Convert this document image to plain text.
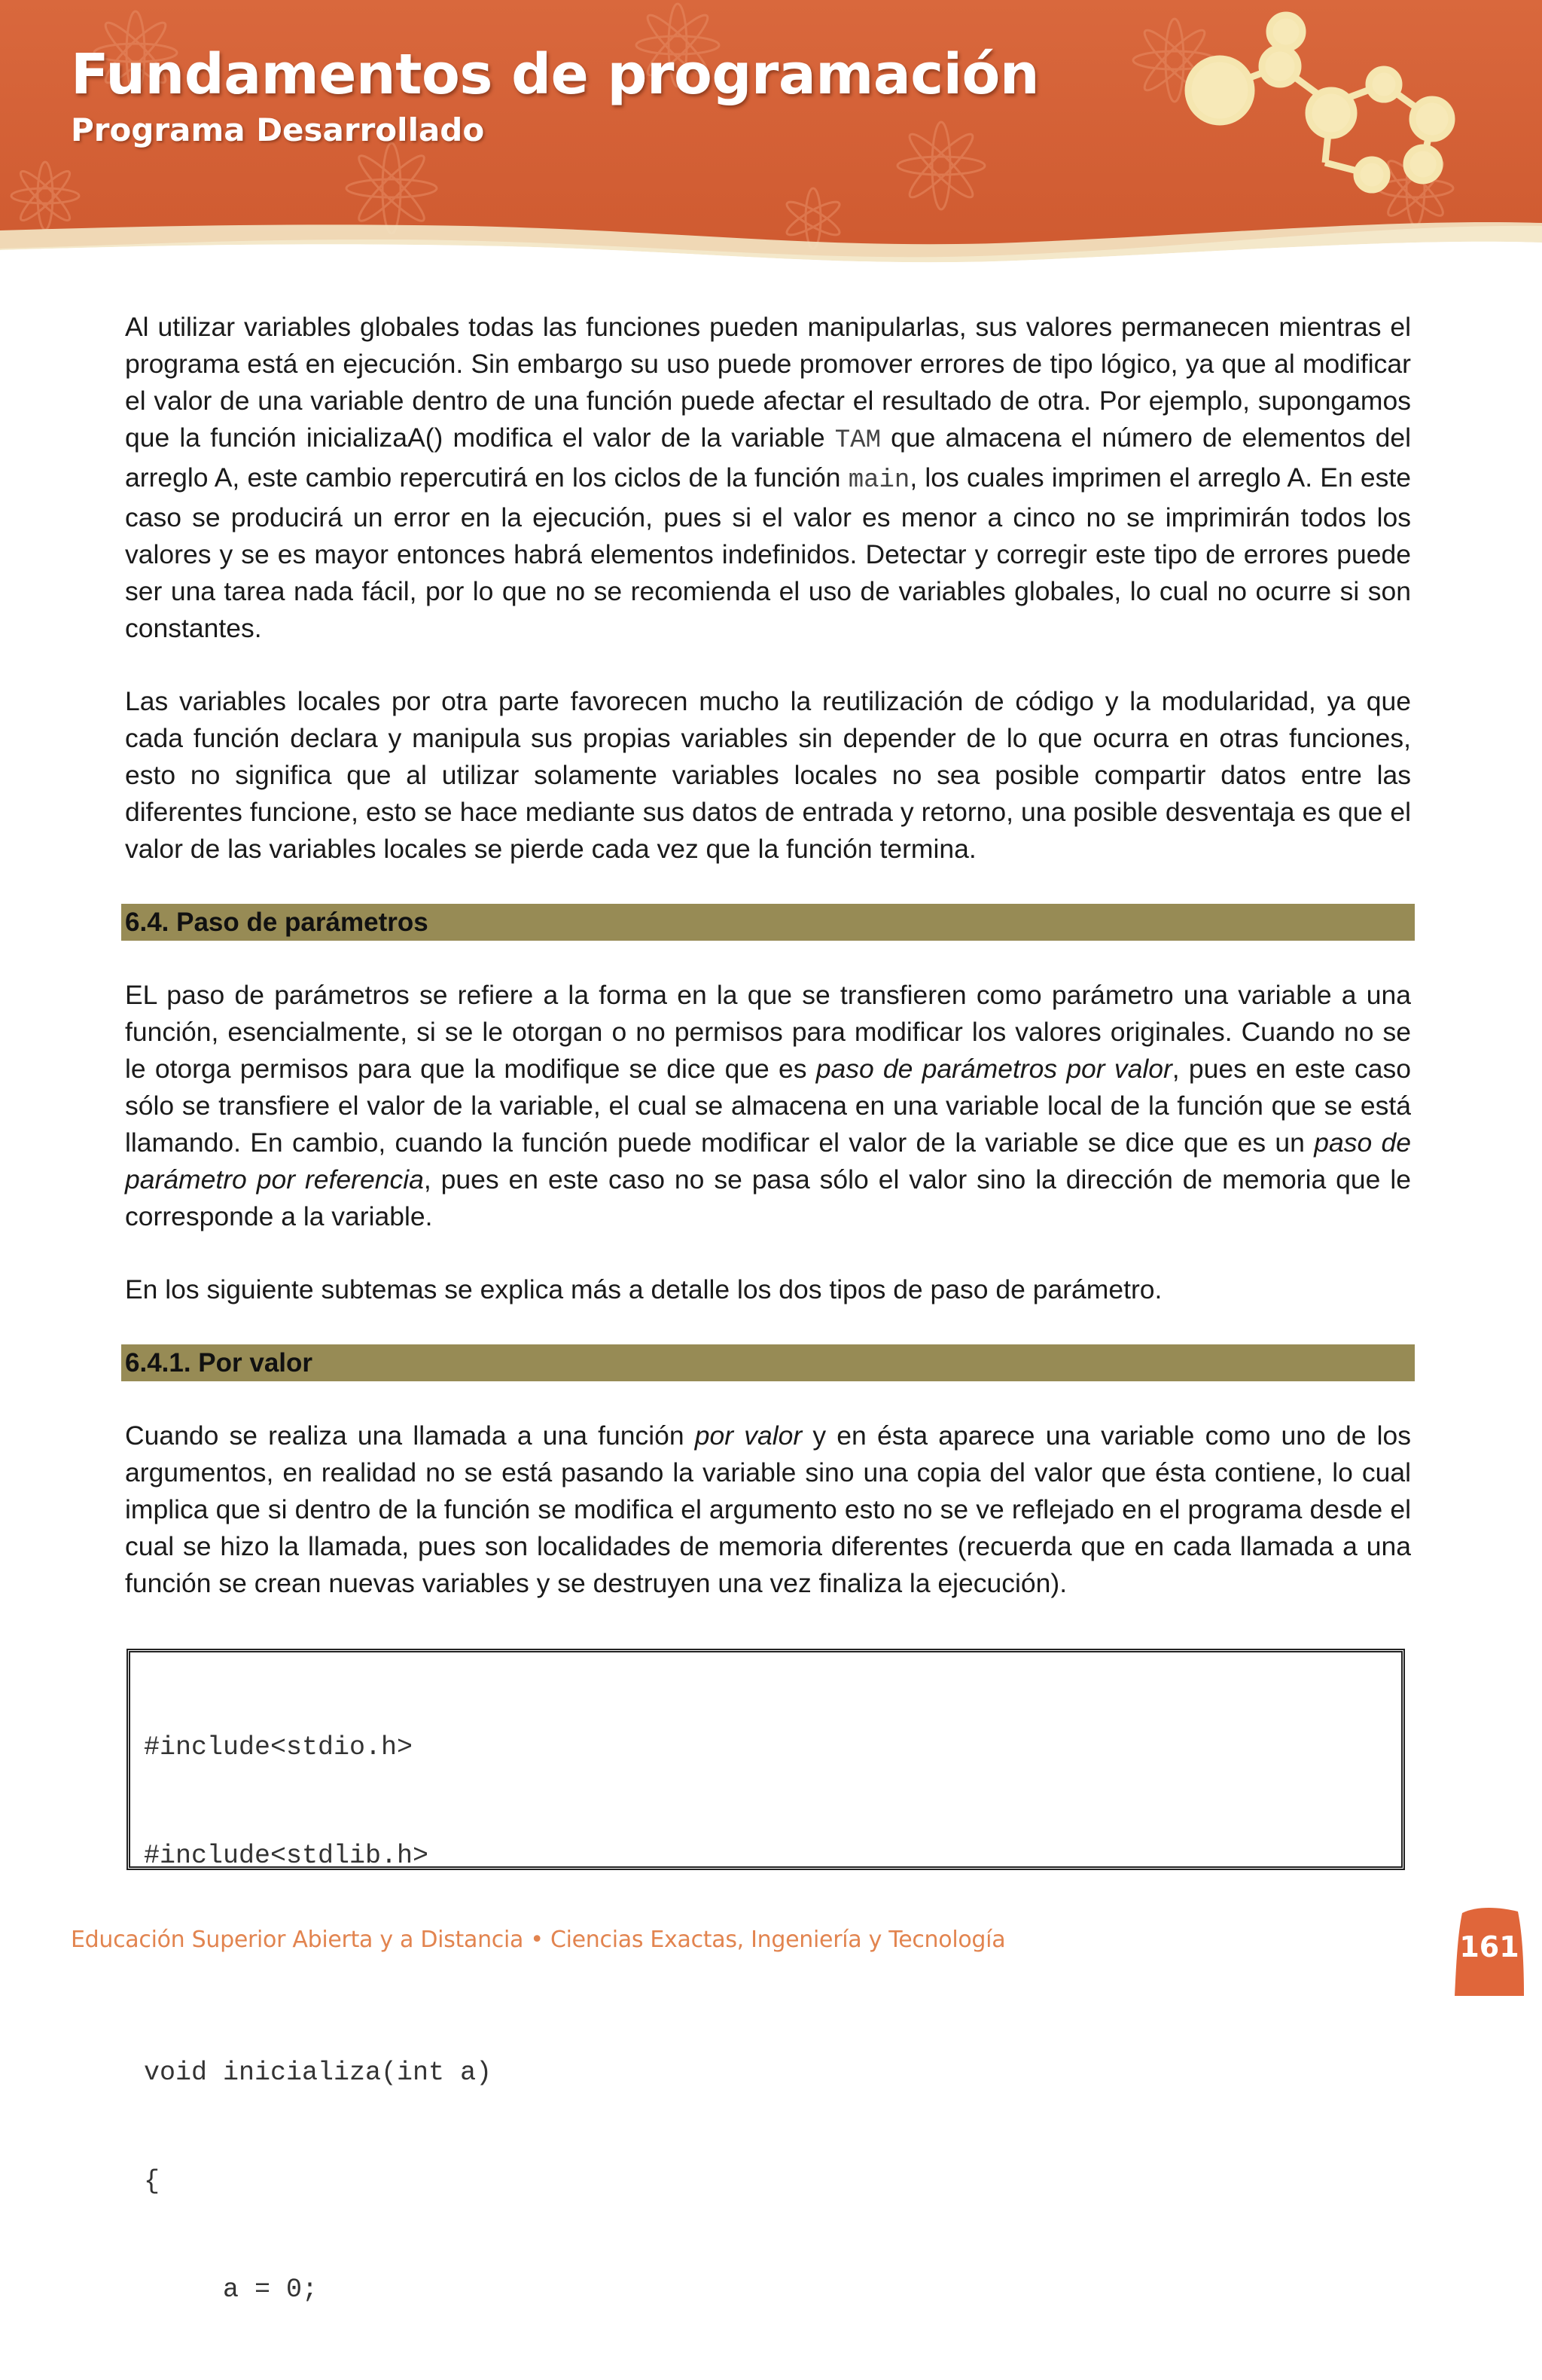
Fundamentos de programación
Programa Desarrollado

Al utilizar variables globales todas las funciones pueden manipularlas, sus valores permanecen mientras el programa está en ejecución. Sin embargo su uso puede promover errores de tipo lógico, ya que al modificar el valor de una variable dentro de una función puede afectar el resultado de otra. Por ejemplo, supongamos que la función inicializaA() modifica el valor de la variable TAM que almacena el número de elementos del arreglo A, este cambio repercutirá en los ciclos de la función main, los cuales imprimen el arreglo A. En este caso se producirá un error en la ejecución, pues si el valor es menor a cinco no se imprimirán todos los valores y se es mayor entonces habrá elementos indefinidos. Detectar y corregir este tipo de errores puede ser una tarea nada fácil, por lo que no se recomienda el uso de variables globales, lo cual no ocurre si son constantes.

Las variables locales por otra parte favorecen mucho la reutilización de código y la modularidad, ya que cada función declara y manipula sus propias variables sin depender de lo que ocurra en otras funciones, esto no significa que al utilizar solamente variables locales no sea posible compartir datos entre las diferentes funcione, esto se hace mediante sus datos de entrada y retorno, una posible desventaja es que el valor de las variables locales se pierde cada vez que la función termina.

6.4. Paso de parámetros

EL paso de parámetros se refiere a la forma en la que se transfieren como parámetro una variable a una función, esencialmente, si se le otorgan o no permisos para modificar los valores originales. Cuando no se le otorga permisos para que la modifique se dice que es paso de parámetros por valor, pues en este caso sólo se transfiere el valor de la variable, el cual se almacena en una variable local de la función que se está llamando. En cambio, cuando la función puede modificar el valor de la variable se dice que es un paso de parámetro por referencia, pues en este caso no se pasa sólo el valor sino la dirección de memoria que le corresponde a la variable.

En los siguiente subtemas se explica más a detalle los dos tipos de paso de parámetro.

6.4.1. Por valor

Cuando se realiza una llamada a una función por valor y en ésta aparece una variable como uno de los argumentos, en realidad no se está pasando la variable sino una copia del valor que ésta contiene, lo cual implica que si dentro de la función se modifica el argumento esto no se ve reflejado en el programa desde el cual se hizo la llamada, pues son localidades de memoria diferentes (recuerda que en cada llamada a una función se crean nuevas variables y se destruyen una vez finaliza la ejecución).

#include<stdio.h>

#include<stdlib.h>

void inicializa(int a)

{

a = 0;

Educación Superior Abierta y a Distancia • Ciencias Exactas, Ingeniería y Tecnología	161
